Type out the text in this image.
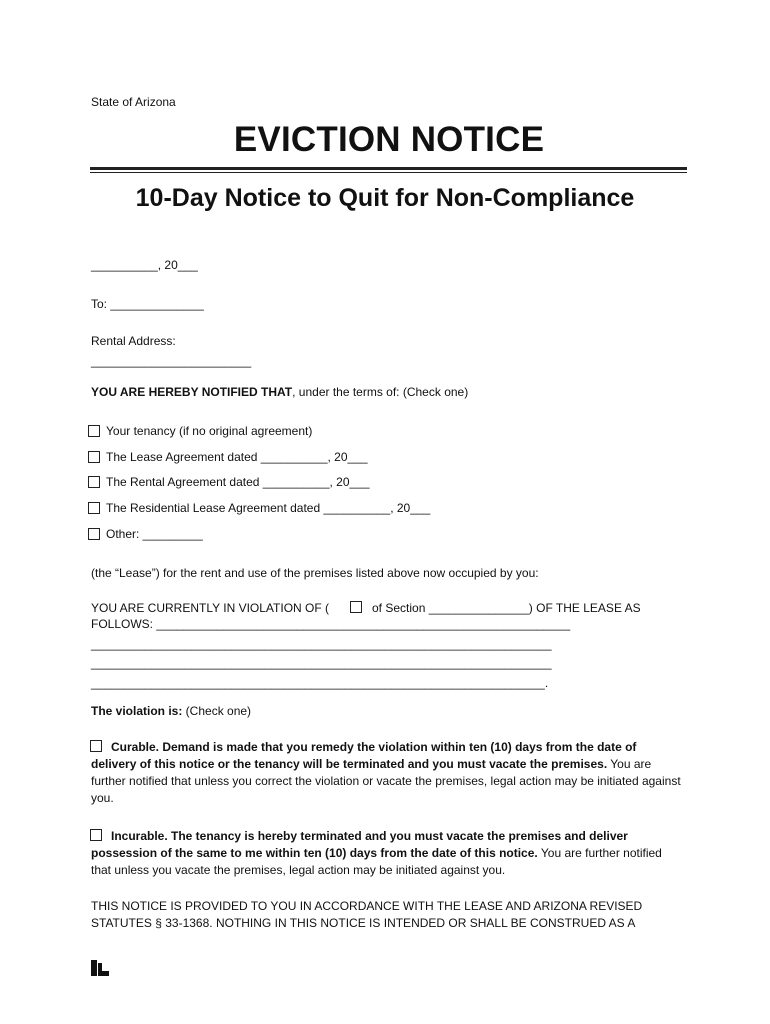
State of Arizona
EVICTION NOTICE
10-Day Notice to Quit for Non-Compliance
__________, 20___
To: ______________
Rental Address:
________________________
YOU ARE HEREBY NOTIFIED THAT, under the terms of: (Check one)
Your tenancy (if no original agreement)
The Lease Agreement dated __________, 20___
The Rental Agreement dated __________, 20___
The Residential Lease Agreement dated __________, 20___
Other: _________
(the “Lease”) for the rent and use of the premises listed above now occupied by you:
YOU ARE CURRENTLY IN VIOLATION OF (	of Section _______________) OF THE LEASE AS
FOLLOWS: ______________________________________________________________
_____________________________________________________________________
_____________________________________________________________________
____________________________________________________________________.
The violation is: (Check one)
Curable. Demand is made that you remedy the violation within ten (10) days from the date of delivery of this notice or the tenancy will be terminated and you must vacate the premises. You are further notified that unless you correct the violation or vacate the premises, legal action may be initiated against you.
Incurable. The tenancy is hereby terminated and you must vacate the premises and deliver possession of the same to me within ten (10) days from the date of this notice. You are further notified that unless you vacate the premises, legal action may be initiated against you.
THIS NOTICE IS PROVIDED TO YOU IN ACCORDANCE WITH THE LEASE AND ARIZONA REVISED STATUTES § 33-1368. NOTHING IN THIS NOTICE IS INTENDED OR SHALL BE CONSTRUED AS A
